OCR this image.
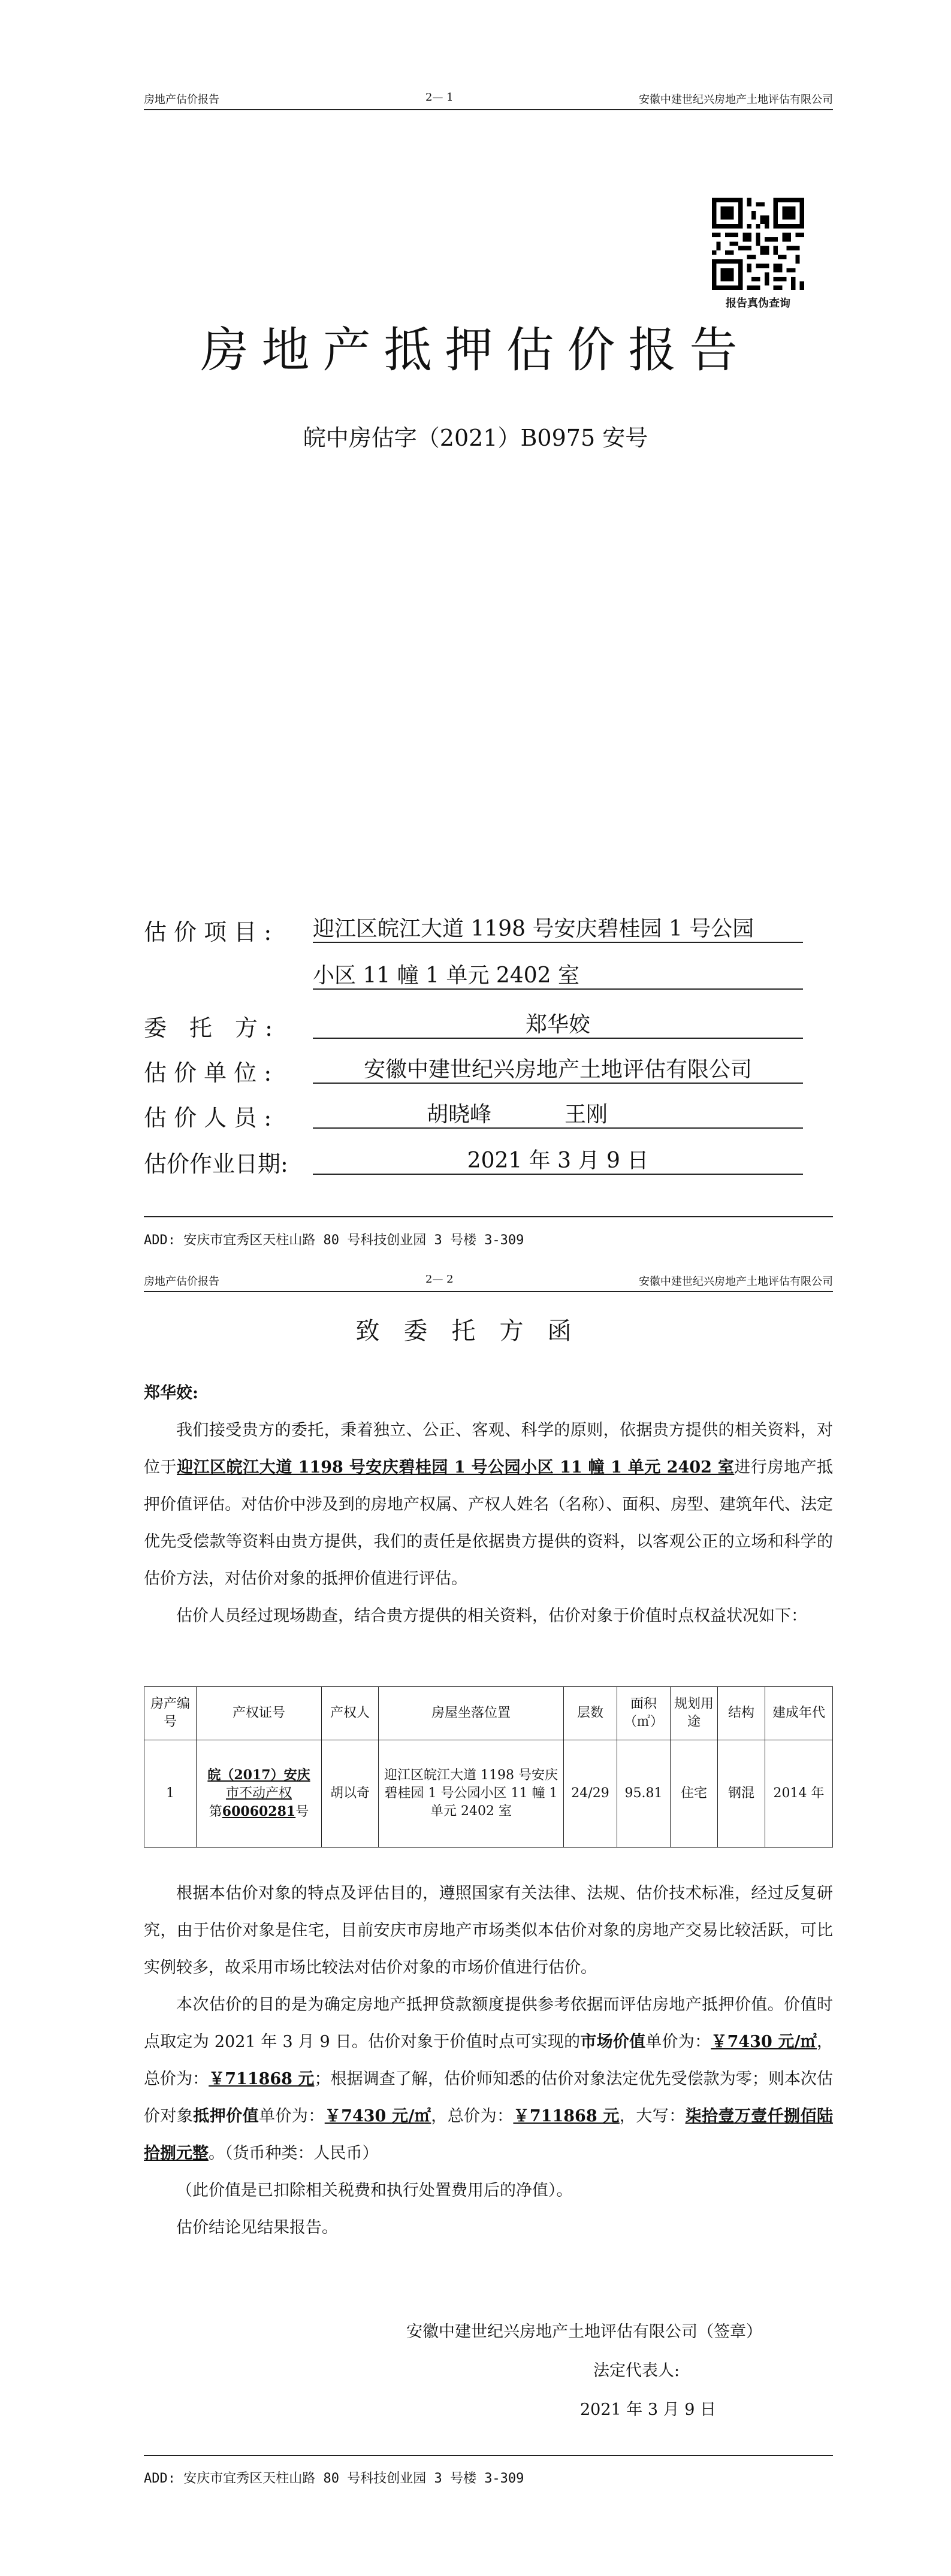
房地产估价报告	2— 1	安徽中建世纪兴房地产土地评估有限公司
报告真伪查询
房地产抵押估价报告
皖中房估字（2021）B0975 安号
估 价 项 目 : 迎江区皖江大道 1198 号安庆碧桂园 1 号公园
小区 11 幢 1 单元 2402 室
委　托　方 :	郑华姣
估 价 单 位 :	安徽中建世纪兴房地产土地评估有限公司
估 价 人 员 :	胡晓峰	王刚
估价作业日期:	2021 年 3 月 9 日
ADD: 安庆市宜秀区天柱山路 80 号科技创业园 3 号楼 3-309
房地产估价报告	2— 2	安徽中建世纪兴房地产土地评估有限公司
致委托方函

郑华姣:

我们接受贵方的委托，秉着独立、公正、客观、科学的原则，依据贵方提供的相关资料，对位于迎江区皖江大道 1198 号安庆碧桂园 1 号公园小区 11 幢 1 单元 2402 室进行房地产抵押价值评估。对估价中涉及到的房地产权属、产权人姓名（名称）、面积、房型、建筑年代、法定优先受偿款等资料由贵方提供，我们的责任是依据贵方提供的资料，以客观公正的立场和科学的估价方法，对估价对象的抵押价值进行评估。

估价人员经过现场勘查，结合贵方提供的相关资料，估价对象于价值时点权益状况如下：

房产编号	产权证号	产权人	房屋坐落位置	层数	面积（㎡）	规划用途	结构	建成年代
1	皖（2017）安庆
市不动产权
第60060281号	胡以奇	迎江区皖江大道 1198 号安庆碧桂园 1 号公园小区 11 幢 1 单元 2402 室	24/29	95.81	住宅	钢混	2014 年

根据本估价对象的特点及评估目的，遵照国家有关法律、法规、估价技术标准，经过反复研究，由于估价对象是住宅，目前安庆市房地产市场类似本估价对象的房地产交易比较活跃，可比实例较多，故采用市场比较法对估价对象的市场价值进行估价。

本次估价的目的是为确定房地产抵押贷款额度提供参考依据而评估房地产抵押价值。价值时点取定为 2021 年 3 月 9 日。估价对象于价值时点可实现的市场价值单价为：￥7430 元/㎡，总价为：￥711868 元；根据调查了解，估价师知悉的估价对象法定优先受偿款为零；则本次估价对象抵押价值单价为：￥7430 元/㎡，总价为：￥711868 元，大写：柒拾壹万壹仟捌佰陆拾捌元整。（货币种类：人民币）

（此价值是已扣除相关税费和执行处置费用后的净值）。

估价结论见结果报告。

安徽中建世纪兴房地产土地评估有限公司（签章）
法定代表人:
2021 年 3 月 9 日
ADD: 安庆市宜秀区天柱山路 80 号科技创业园 3 号楼 3-309
